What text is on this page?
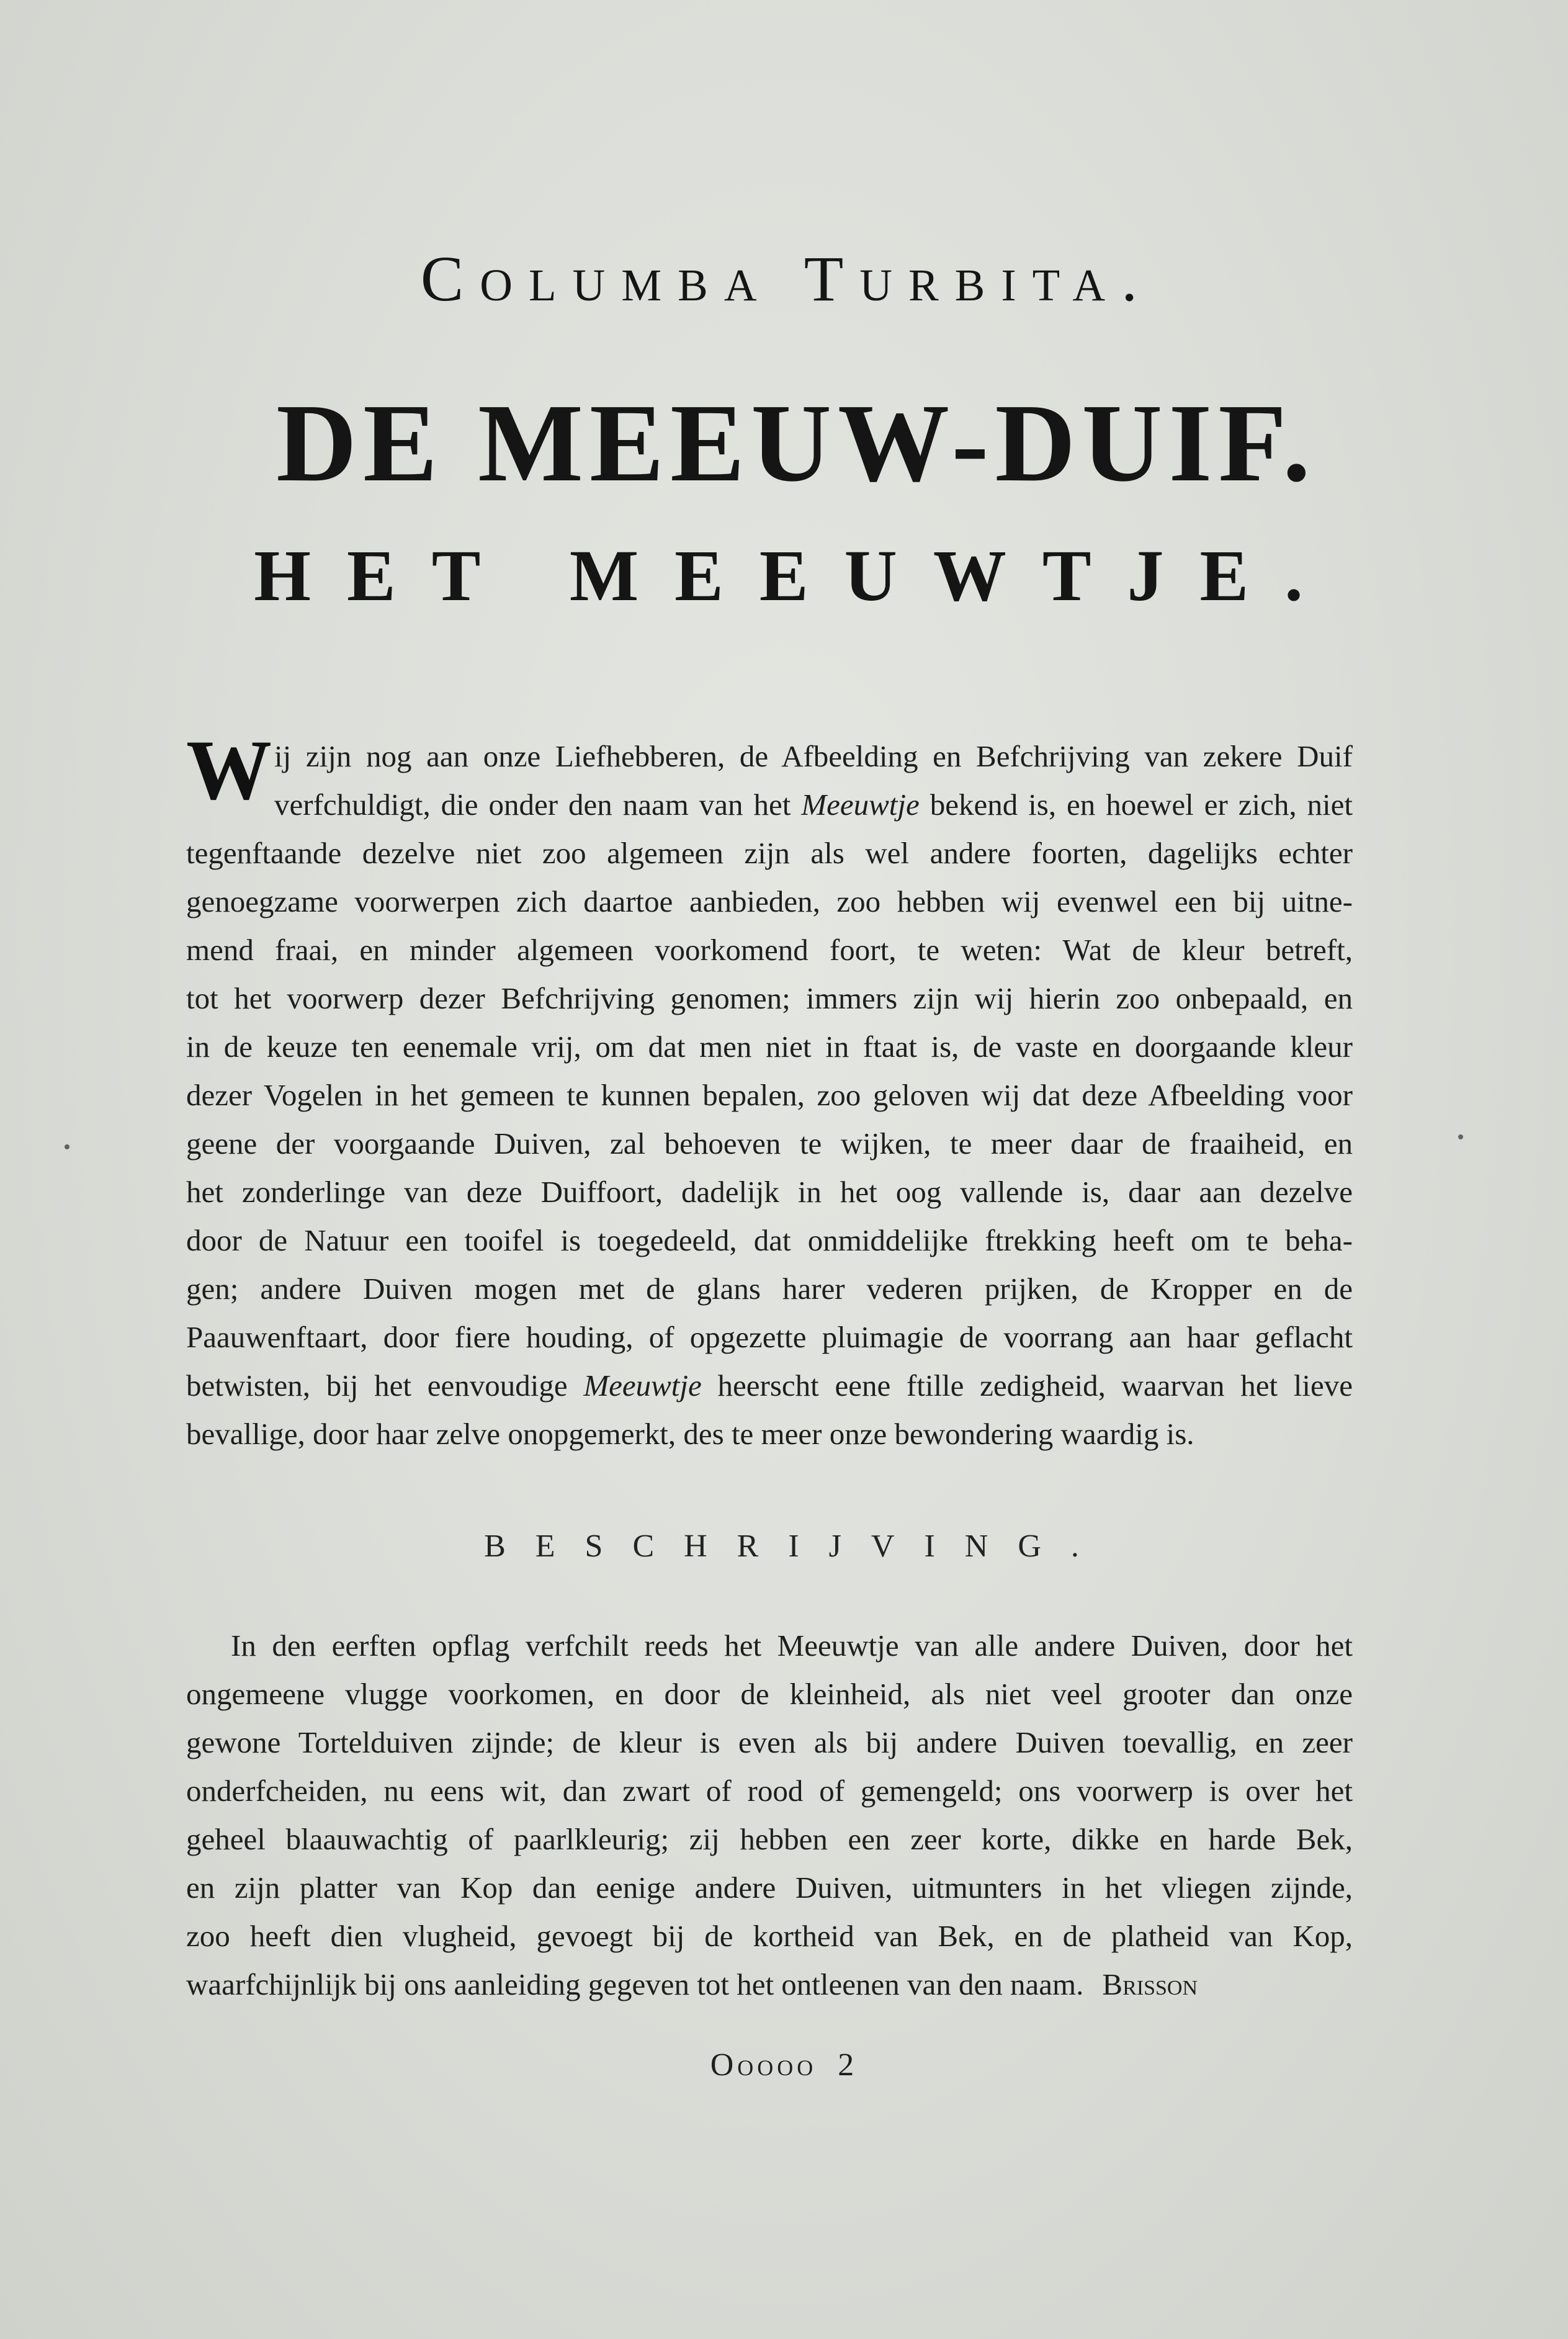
Columba Turbita.
DE MEEUW-DUIF.
HET MEEUWTJE.
W ij zijn nog aan onze Liefhebberen, de Afbeelding en Befchrijving van zekere Duif
verfchuldigt, die onder den naam van het Meeuwtje bekend is, en hoewel er zich, niet
tegenftaande dezelve niet zoo algemeen zijn als wel andere foorten, dagelijks echter
genoegzame voorwerpen zich daartoe aanbieden, zoo hebben wij evenwel een bij uitne-
mend fraai, en minder algemeen voorkomend foort, te weten: Wat de kleur betreft,
tot het voorwerp dezer Befchrijving genomen; immers zijn wij hierin zoo onbepaald, en
in de keuze ten eenemale vrij, om dat men niet in ftaat is, de vaste en doorgaande kleur
dezer Vogelen in het gemeen te kunnen bepalen, zoo geloven wij dat deze Afbeelding voor
geene der voorgaande Duiven, zal behoeven te wijken, te meer daar de fraaiheid, en
het zonderlinge van deze Duiffoort, dadelijk in het oog vallende is, daar aan dezelve
door de Natuur een tooifel is toegedeeld, dat onmiddelijke ftrekking heeft om te beha-
gen; andere Duiven mogen met de glans harer vederen prijken, de Kropper en de
Paauwenftaart, door fiere houding, of opgezette pluimagie de voorrang aan haar geflacht
betwisten, bij het eenvoudige Meeuwtje heerscht eene ftille zedigheid, waarvan het lieve
bevallige, door haar zelve onopgemerkt, des te meer onze bewondering waardig is.
BESCHRIJVING.
In den eerften opflag verfchilt reeds het Meeuwtje van alle andere Duiven, door het
ongemeene vlugge voorkomen, en door de kleinheid, als niet veel grooter dan onze
gewone Tortelduiven zijnde; de kleur is even als bij andere Duiven toevallig, en zeer
onderfcheiden, nu eens wit, dan zwart of rood of gemengeld; ons voorwerp is over het
geheel blaauwachtig of paarlkleurig; zij hebben een zeer korte, dikke en harde Bek,
en zijn platter van Kop dan eenige andere Duiven, uitmunters in het vliegen zijnde,
zoo heeft dien vlugheid, gevoegt bij de kortheid van Bek, en de platheid van Kop,
waarfchijnlijk bij ons aanleiding gegeven tot het ontleenen van den naam. Brisson
Ooooo 2
